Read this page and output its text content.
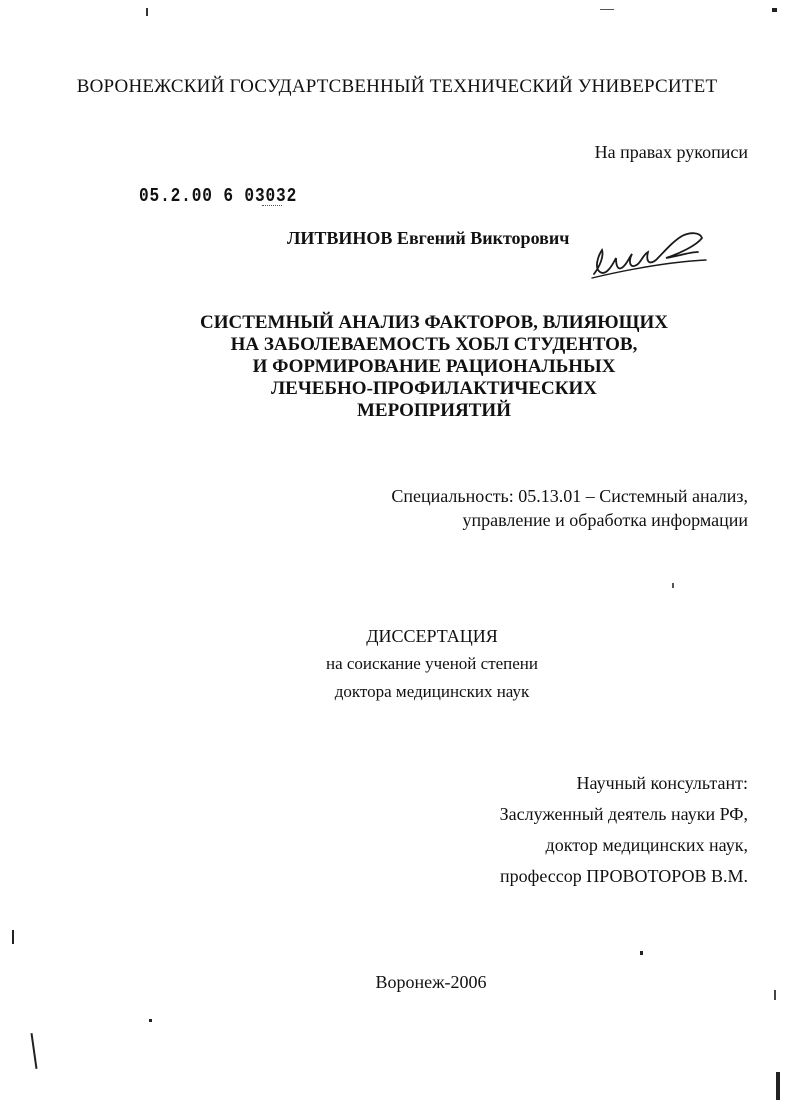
ВОРОНЕЖСКИЙ ГОСУДАРТСВЕННЫЙ ТЕХНИЧЕСКИЙ УНИВЕРСИТЕТ
На правах рукописи
05.2.00 6 03032
ЛИТВИНОВ Евгений Викторович
СИСТЕМНЫЙ АНАЛИЗ ФАКТОРОВ, ВЛИЯЮЩИХ
НА ЗАБОЛЕВАЕМОСТЬ ХОБЛ СТУДЕНТОВ,
И ФОРМИРОВАНИЕ РАЦИОНАЛЬНЫХ
ЛЕЧЕБНО-ПРОФИЛАКТИЧЕСКИХ
МЕРОПРИЯТИЙ
Специальность: 05.13.01 – Системный анализ,
управление и обработка информации
ДИССЕРТАЦИЯ
на соискание ученой степени
доктора медицинских наук
Научный консультант:
Заслуженный деятель науки РФ,
доктор медицинских наук,
профессор ПРОВОТОРОВ В.М.
Воронеж-2006
